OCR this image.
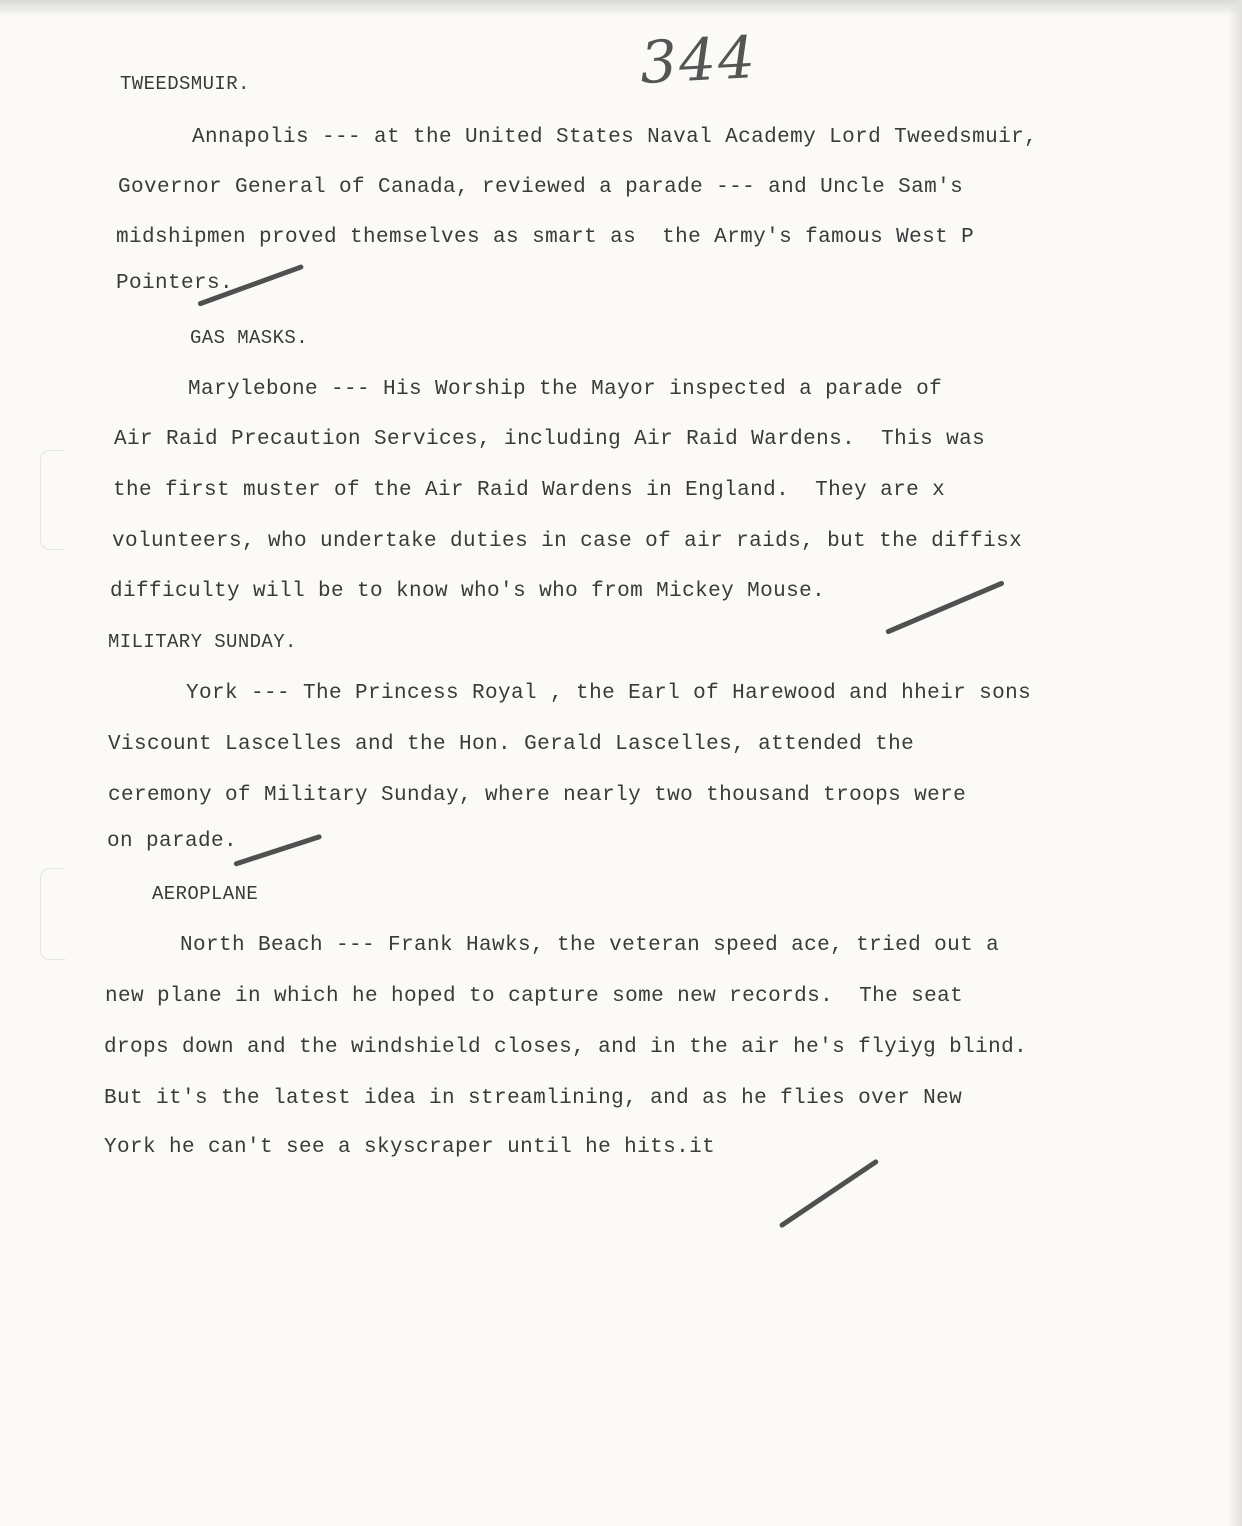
344
TWEEDSMUIR.
Annapolis --- at the United States Naval Academy Lord Tweedsmuir,
Governor General of Canada, reviewed a parade --- and Uncle Sam's
midshipmen proved themselves as smart as  the Army's famous West P
Pointers.
GAS MASKS.
Marylebone --- His Worship the Mayor inspected a parade of
Air Raid Precaution Services, including Air Raid Wardens.  This was
the first muster of the Air Raid Wardens in England.  They are x
volunteers, who undertake duties in case of air raids, but the diffisx
difficulty will be to know who's who from Mickey Mouse.
MILITARY SUNDAY.
York --- The Princess Royal , the Earl of Harewood and hheir sons
Viscount Lascelles and the Hon. Gerald Lascelles, attended the
ceremony of Military Sunday, where nearly two thousand troops were
on parade.
AEROPLANE
North Beach --- Frank Hawks, the veteran speed ace, tried out a
new plane in which he hoped to capture some new records.  The seat
drops down and the windshield closes, and in the air he's flyiyg blind.
But it's the latest idea in streamlining, and as he flies over New
York he can't see a skyscraper until he hits.it
